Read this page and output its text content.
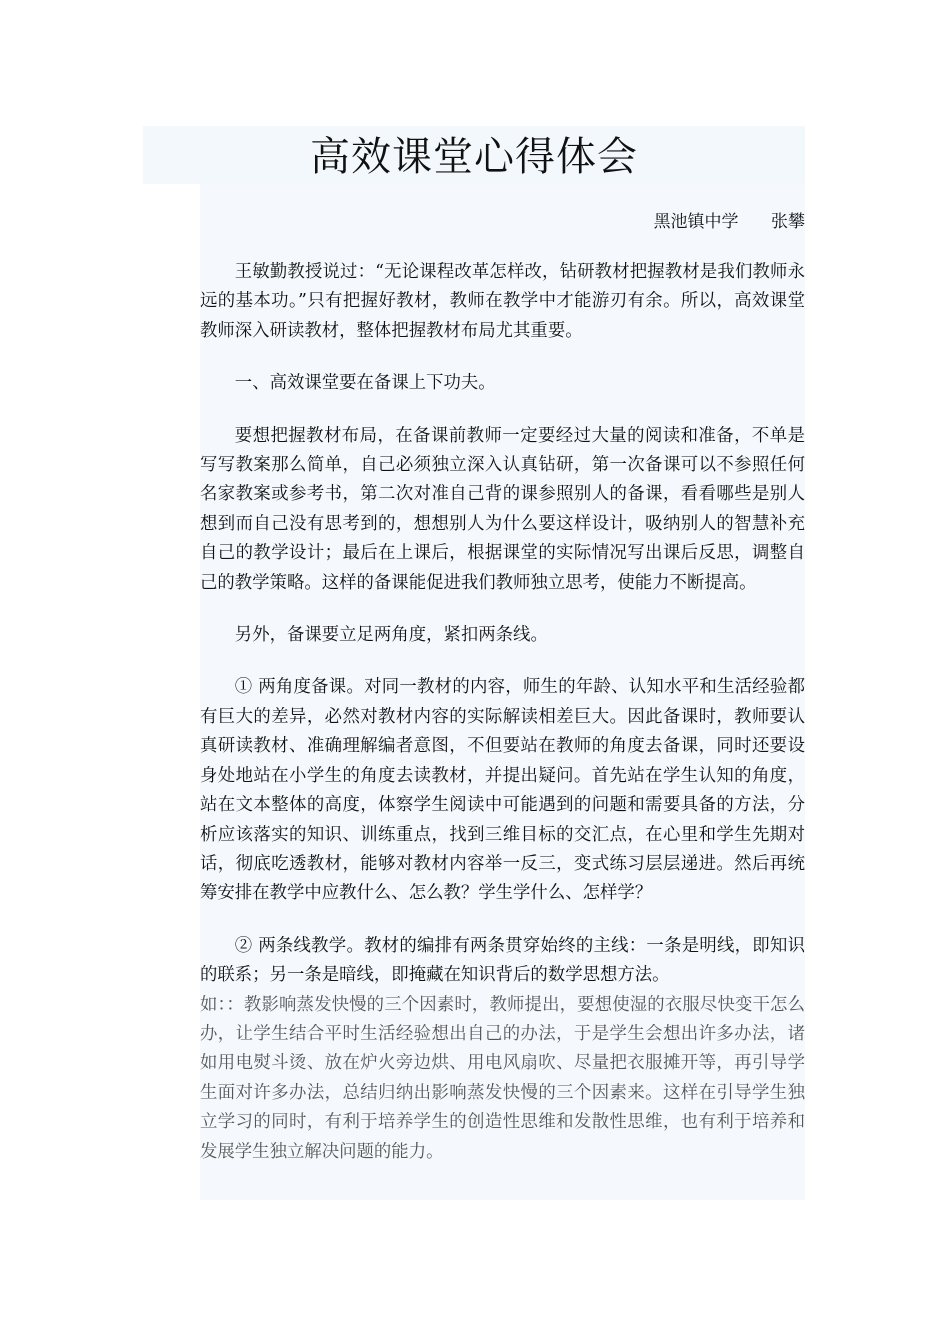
高效课堂心得体会
黑池镇中学      张攀

王敏勤教授说过：“无论课程改革怎样改，钻研教材把握教材是我们教师永远的基本功。”只有把握好教材，教师在教学中才能游刃有余。所以，高效课堂教师深入研读教材，整体把握教材布局尤其重要。

一、高效课堂要在备课上下功夫。

要想把握教材布局，在备课前教师一定要经过大量的阅读和准备，不单是写写教案那么简单，自己必须独立深入认真钻研，第一次备课可以不参照任何名家教案或参考书，第二次对准自己背的课参照别人的备课，看看哪些是别人想到而自己没有思考到的，想想别人为什么要这样设计，吸纳别人的智慧补充自己的教学设计；最后在上课后，根据课堂的实际情况写出课后反思，调整自己的教学策略。这样的备课能促进我们教师独立思考，使能力不断提高。

另外，备课要立足两角度，紧扣两条线。

① 两角度备课。对同一教材的内容，师生的年龄、认知水平和生活经验都有巨大的差异，必然对教材内容的实际解读相差巨大。因此备课时，教师要认真研读教材、准确理解编者意图，不但要站在教师的角度去备课，同时还要设身处地站在小学生的角度去读教材，并提出疑问。首先站在学生认知的角度，站在文本整体的高度，体察学生阅读中可能遇到的问题和需要具备的方法，分析应该落实的知识、训练重点，找到三维目标的交汇点，在心里和学生先期对话，彻底吃透教材，能够对教材内容举一反三，变式练习层层递进。然后再统筹安排在教学中应教什么、怎么教？学生学什么、怎样学？

② 两条线教学。教材的编排有两条贯穿始终的主线：一条是明线，即知识的联系；另一条是暗线，即掩藏在知识背后的数学思想方法。

如：：教影响蒸发快慢的三个因素时，教师提出，要想使湿的衣服尽快变干怎么办，让学生结合平时生活经验想出自己的办法，于是学生会想出许多办法，诸如用电熨斗烫、放在炉火旁边烘、用电风扇吹、尽量把衣服摊开等，再引导学生面对许多办法，总结归纳出影响蒸发快慢的三个因素来。这样在引导学生独立学习的同时，有利于培养学生的创造性思维和发散性思维，也有利于培养和发展学生独立解决问题的能力。
